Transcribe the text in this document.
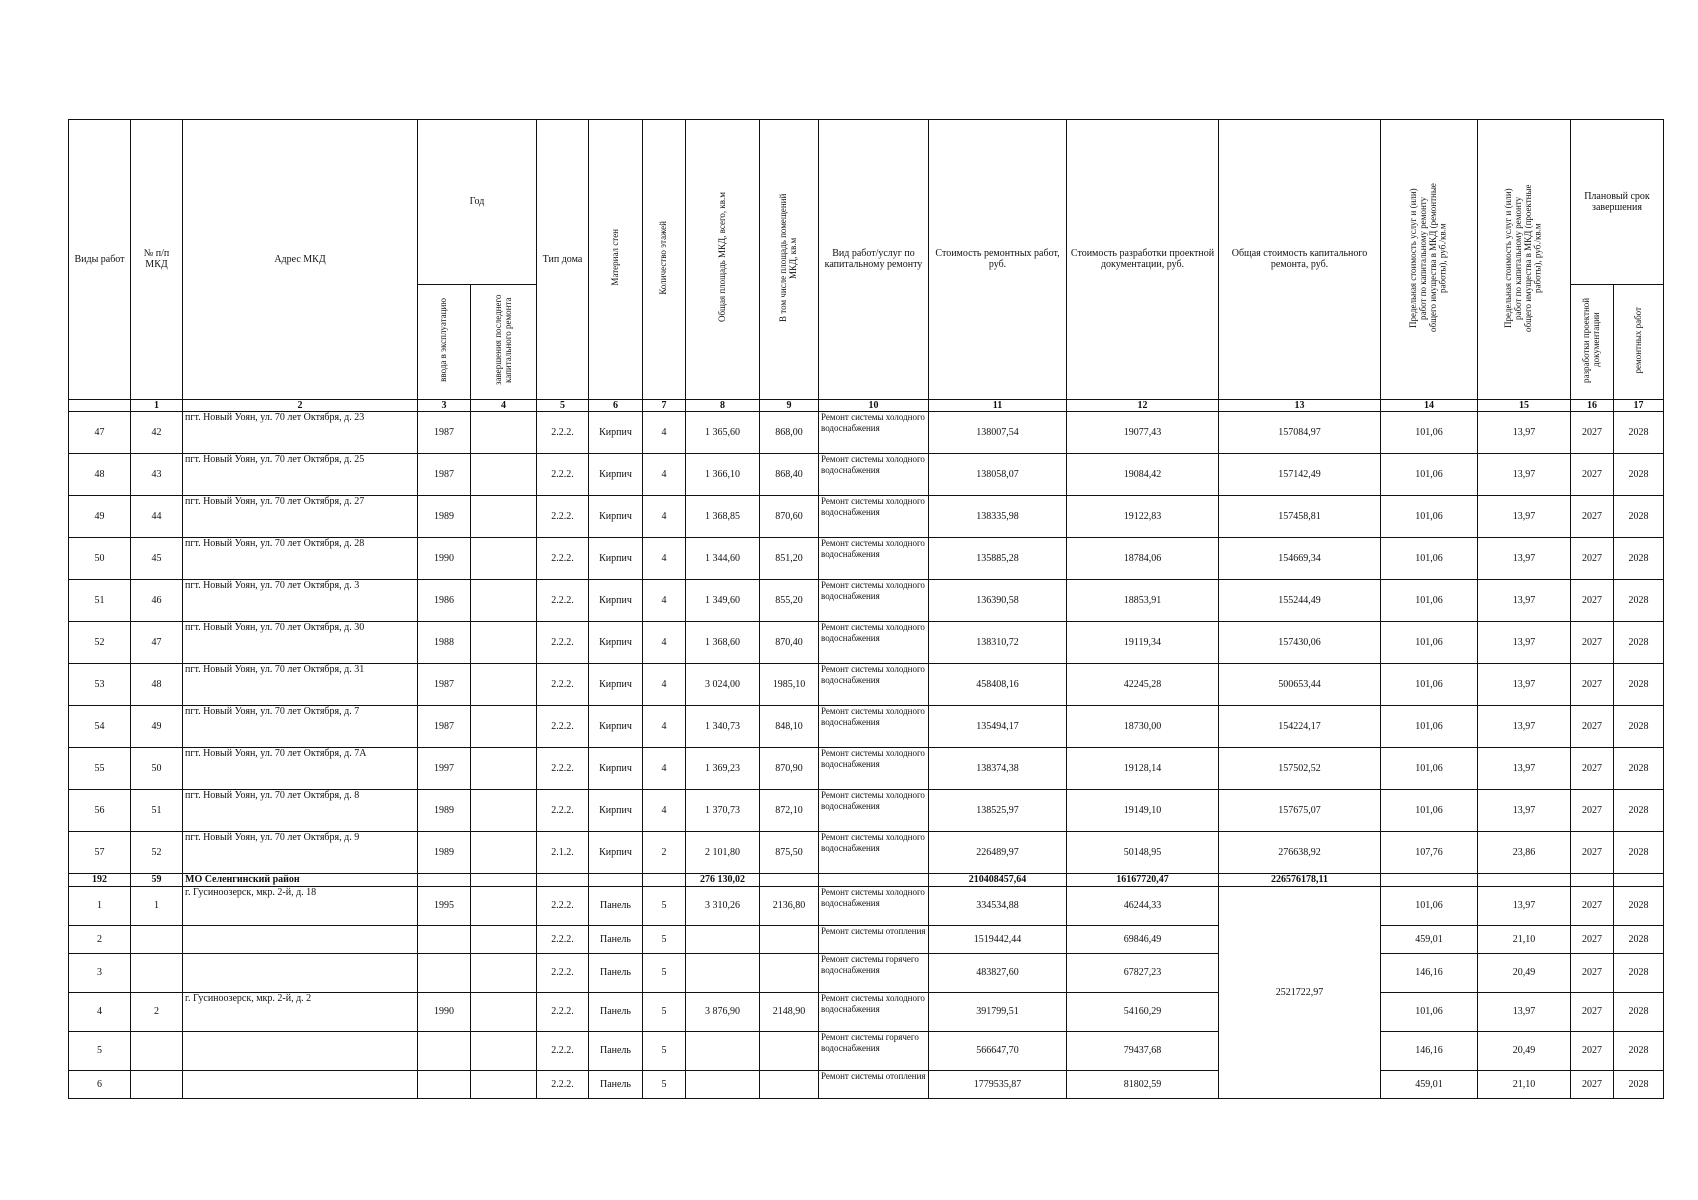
Виды работ	№ п/п МКД	Адрес МКД	Год		Тип дома	Материал стен	Количество этажей	Общая площадь МКД, всего, кв.м	В том числе площадь помещений МКД, кв.м	Вид работ/услуг по капитальному ремонту	Стоимость ремонтных работ, руб.	Стоимость разработки проектной документации, руб.	Общая стоимость капитального ремонта, руб.	Предельная стоимость услуг и (или) работ по капитальному ремонту общего имущества в МКД (ремонтные работы), руб./кв.м	Предельная стоимость услуг и (или) работ по капитальному ремонту общего имущества в МКД (проектные работы), руб./кв.м	Плановый срок завершения	
			ввода в эксплуатацию	завершения последнего капитального ремонта												разработки проектной документации	ремонтных работ
	1	2	3	4	5	6	7	8	9	10	11	12	13	14	15	16	17
47	42	пгт. Новый Уоян, ул. 70 лет Октября, д. 23	1987		2.2.2.	Кирпич	4	1 365,60	868,00	Ремонт системы холодного водоснабжения	138007,54	19077,43	157084,97	101,06	13,97	2027	2028
48	43	пгт. Новый Уоян, ул. 70 лет Октября, д. 25	1987		2.2.2.	Кирпич	4	1 366,10	868,40	Ремонт системы холодного водоснабжения	138058,07	19084,42	157142,49	101,06	13,97	2027	2028
49	44	пгт. Новый Уоян, ул. 70 лет Октября, д. 27	1989		2.2.2.	Кирпич	4	1 368,85	870,60	Ремонт системы холодного водоснабжения	138335,98	19122,83	157458,81	101,06	13,97	2027	2028
50	45	пгт. Новый Уоян, ул. 70 лет Октября, д. 28	1990		2.2.2.	Кирпич	4	1 344,60	851,20	Ремонт системы холодного водоснабжения	135885,28	18784,06	154669,34	101,06	13,97	2027	2028
51	46	пгт. Новый Уоян, ул. 70 лет Октября, д. 3	1986		2.2.2.	Кирпич	4	1 349,60	855,20	Ремонт системы холодного водоснабжения	136390,58	18853,91	155244,49	101,06	13,97	2027	2028
52	47	пгт. Новый Уоян, ул. 70 лет Октября, д. 30	1988		2.2.2.	Кирпич	4	1 368,60	870,40	Ремонт системы холодного водоснабжения	138310,72	19119,34	157430,06	101,06	13,97	2027	2028
53	48	пгт. Новый Уоян, ул. 70 лет Октября, д. 31	1987		2.2.2.	Кирпич	4	3 024,00	1985,10	Ремонт системы холодного водоснабжения	458408,16	42245,28	500653,44	101,06	13,97	2027	2028
54	49	пгт. Новый Уоян, ул. 70 лет Октября, д. 7	1987		2.2.2.	Кирпич	4	1 340,73	848,10	Ремонт системы холодного водоснабжения	135494,17	18730,00	154224,17	101,06	13,97	2027	2028
55	50	пгт. Новый Уоян, ул. 70 лет Октября, д. 7А	1997		2.2.2.	Кирпич	4	1 369,23	870,90	Ремонт системы холодного водоснабжения	138374,38	19128,14	157502,52	101,06	13,97	2027	2028
56	51	пгт. Новый Уоян, ул. 70 лет Октября, д. 8	1989		2.2.2.	Кирпич	4	1 370,73	872,10	Ремонт системы холодного водоснабжения	138525,97	19149,10	157675,07	101,06	13,97	2027	2028
57	52	пгт. Новый Уоян, ул. 70 лет Октября, д. 9	1989		2.1.2.	Кирпич	2	2 101,80	875,50	Ремонт системы холодного водоснабжения	226489,97	50148,95	276638,92	107,76	23,86	2027	2028
192	59	МО Селенгинский район						276 130,02			210408457,64	16167720,47	226576178,11				
1	1	г. Гусиноозерск, мкр. 2-й, д. 18	1995		2.2.2.	Панель	5	3 310,26	2136,80	Ремонт системы холодного водоснабжения	334534,88	46244,33	2521722,97	101,06	13,97	2027	2028
2					2.2.2.	Панель	5			Ремонт системы отопления	1519442,44	69846,49		459,01	21,10	2027	2028
3					2.2.2.	Панель	5			Ремонт системы горячего водоснабжения	483827,60	67827,23		146,16	20,49	2027	2028
4	2	г. Гусиноозерск, мкр. 2-й, д. 2	1990		2.2.2.	Панель	5	3 876,90	2148,90	Ремонт системы холодного водоснабжения	391799,51	54160,29		101,06	13,97	2027	2028
5					2.2.2.	Панель	5			Ремонт системы горячего водоснабжения	566647,70	79437,68		146,16	20,49	2027	2028
6					2.2.2.	Панель	5			Ремонт системы отопления	1779535,87	81802,59		459,01	21,10	2027	2028
